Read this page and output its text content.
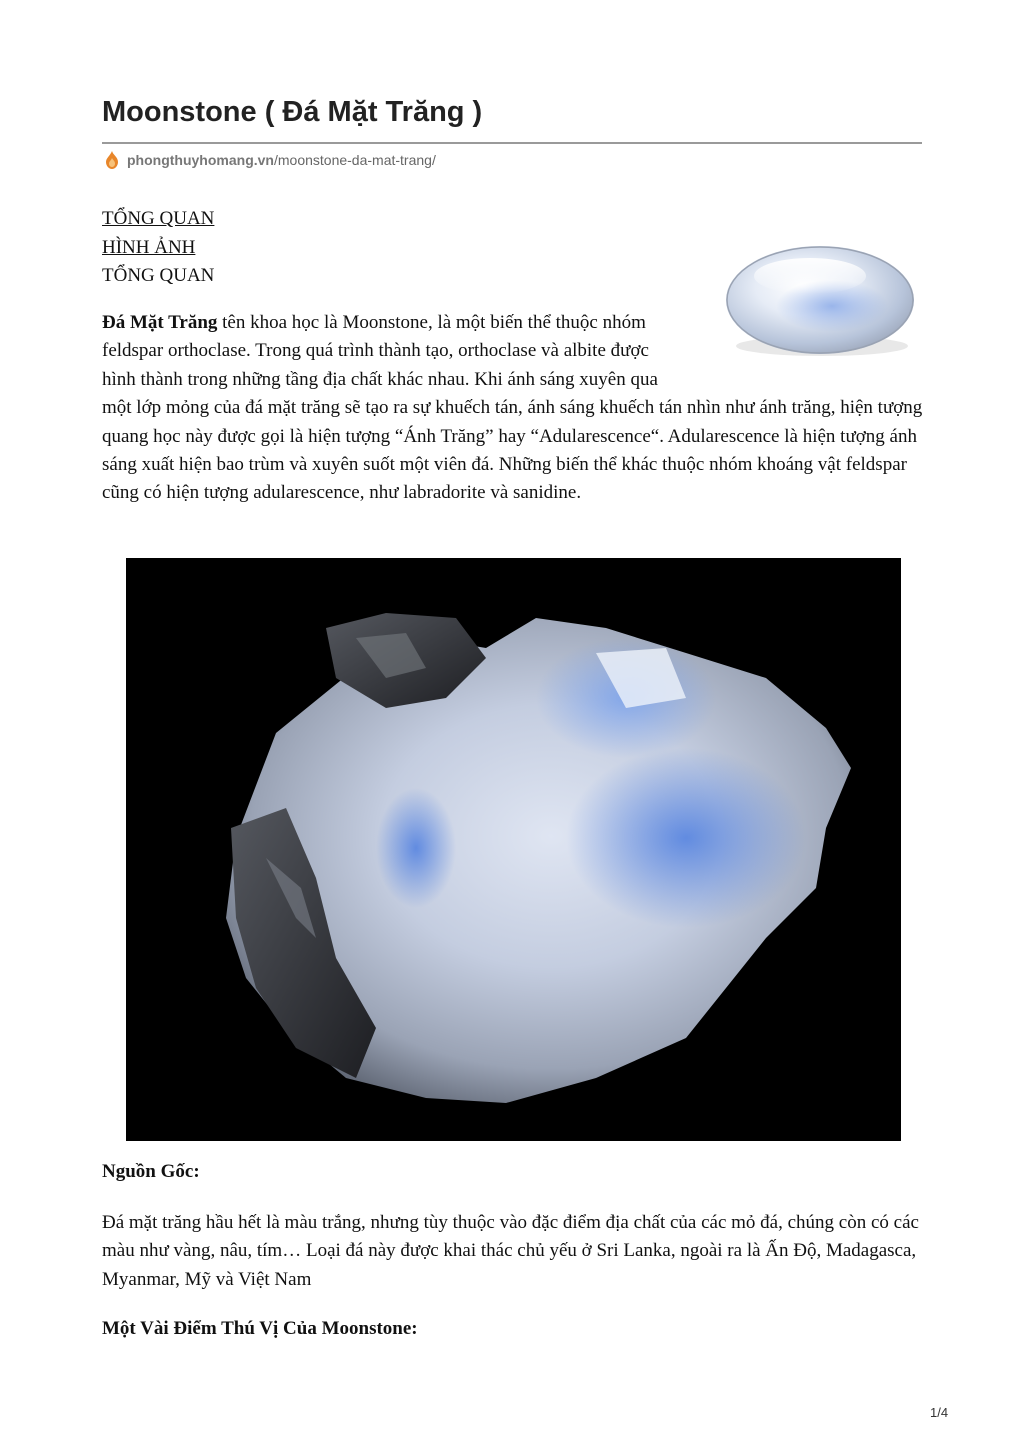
Moonstone ( Đá Mặt Trăng )
phongthuyhomang.vn /moonstone-da-mat-trang/
TỔNG QUAN
HÌNH ẢNH
TỔNG QUAN

Đá Mặt Trăng tên khoa học là Moonstone, là một biến thể thuộc nhóm feldspar orthoclase. Trong quá trình thành tạo, orthoclase và albite được hình thành trong những tầng địa chất khác nhau. Khi ánh sáng xuyên qua một lớp mỏng của đá mặt trăng sẽ tạo ra sự khuếch tán, ánh sáng khuếch tán nhìn như ánh trăng, hiện tượng quang học này được gọi là hiện tượng “Ánh Trăng” hay “Adularescence“. Adularescence là hiện tượng ánh sáng xuất hiện bao trùm và xuyên suốt một viên đá. Những biến thể khác thuộc nhóm khoáng vật feldspar cũng có hiện tượng adularescence, như labradorite và sanidine.

Nguồn Gốc:

Đá mặt trăng hầu hết là màu trắng, nhưng tùy thuộc vào đặc điểm địa chất của các mỏ đá, chúng còn có các màu như vàng, nâu, tím… Loại đá này được khai thác chủ yếu ở Sri Lanka, ngoài ra là Ấn Độ, Madagasca, Myanmar, Mỹ và Việt Nam

Một Vài Điểm Thú Vị Của Moonstone:
1/4
